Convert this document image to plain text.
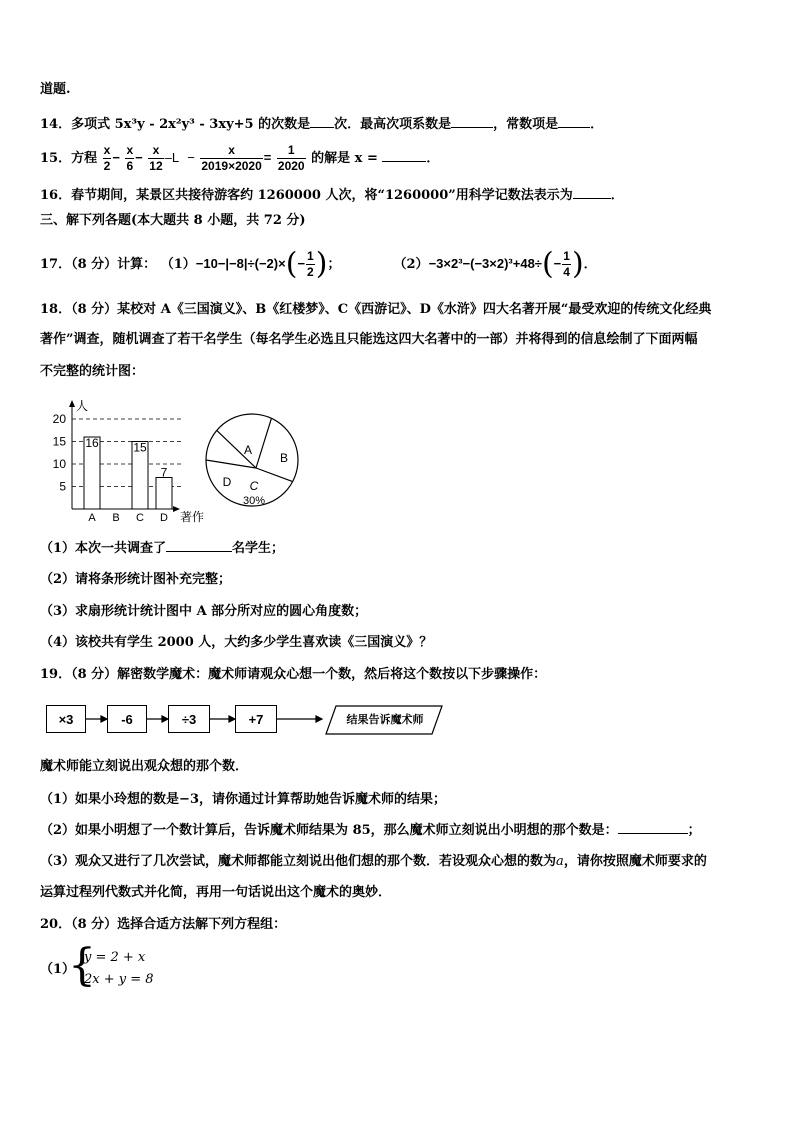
道题.
14．多项式 5x³y - 2x²y³ - 3xy+5 的次数是 次．最高次项系数是	，常数项是 ．
15．方程 $\frac{x}{2} - \frac{x}{6} - \frac{x}{12} -L - \frac{x}{2019\times 2020} = \frac{1}{2020}$ 的解是 x =	．
16．春节期间，某景区共接待游客约 1260000 人次，将“1260000”用科学记数法表示为	．
三、解下列各题(本大题共 8 小题，共 72 分)
17．（8 分）计算： $(1)-10-|-8|\div(-2)\times(- \frac{1}{2}$ )；	$(2)-3\times 2^3-(-3\times 2)^3+48\div(- \frac{1}{4}$ )．
18．（8 分）某校对 A《三国演义》、B《红楼梦》、C《西游记》、D《水浒》四大名著开展“最受欢迎的传统文化经典
著作”调查，随机调查了若干名学生（每名学生必选且只能选这四大名著中的一部）并将得到的信息绘制了下面两幅
不完整的统计图：
人
5
10
15
20
16
A B
15
C
7
D 著作
A
B
C
30%
D
（1）本次一共调查了	名学生；
（2）请将条形统计图补充完整；
（3）求扇形统计统计图中 A 部分所对应的圆心角度数；
（4）该校共有学生 2000 人，大约多少学生喜欢读《三国演义》？
19．（8 分）解密数学魔术：魔术师请观众心想一个数，然后将这个数按以下步骤操作：
×3	-6	÷3	+7	结果告诉魔术师
魔术师能立刻说出观众想的那个数．
（1）如果小玲想的数是−3，请你通过计算帮助她告诉魔术师的结果；
（2）如果小明想了一个数计算后，告诉魔术师结果为 85，那么魔术师立刻说出小明想的那个数是：	；
（3）观众又进行了几次尝试，魔术师都能立刻说出他们想的那个数．若设观众心想的数为a，请你按照魔术师要求的
运算过程列代数式并化简，再用一句话说出这个魔术的奥妙．
20．（8 分）选择合适方法解下列方程组：
（1）
{
y = 2 + x
2x + y = 8
